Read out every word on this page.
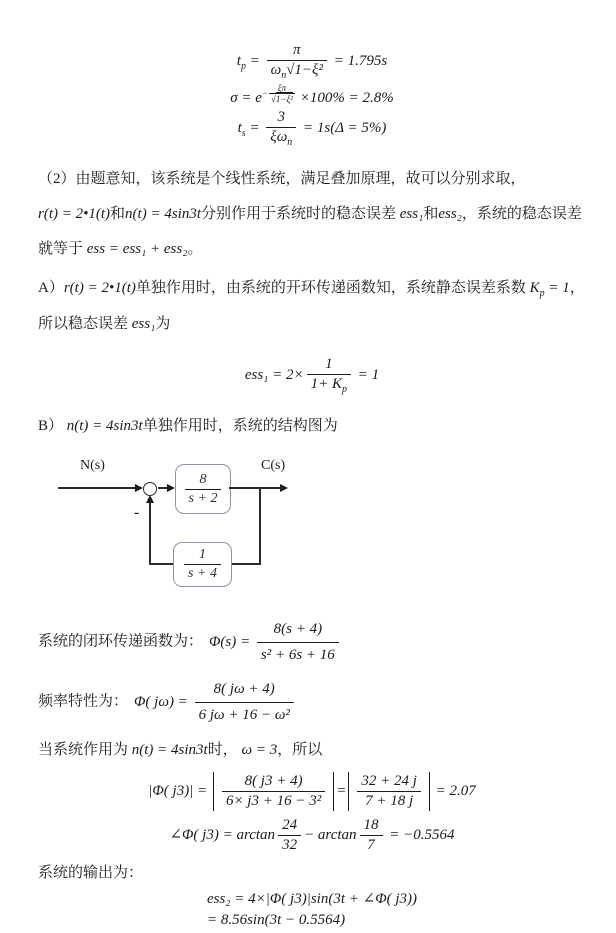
$t_p = \frac{\pi}{\omega_n√1-\xi^2} = 1.795s$
$\sigma = e^{- \frac{\xi\pi}{\text{√1−ξ²}}} \times 100\% = 2.8\%$
$t_s = \frac{3}{\xi\omega_n} = 1s(\Delta = 5\%)$

（2）由题意知，该系统是个线性系统，满足叠加原理，故可以分别求取，
r(t) = 2•1(t)和n(t) = 4sin3t分别作用于系统时的稳态误差 ess₁和ess₂，系统的稳态误差就等于 ess = ess₁ + ess₂。

A）r(t) = 2•1(t)单独作用时，由系统的开环传递函数知，系统静态误差系数 $K_p = 1$，
所以稳态误差 ess₁为

$ess_1 = 2\times \frac{1}{1+ K_p} = 1$

B） n(t) = 4sin3t单独作用时，系统的结构图为

N(s)	C(s)
-
$\frac{8}{s + 2}$
$\frac{1}{s + 4}$

系统的闭环传递函数为： $\Phi(s) = \frac{8(s + 4)}{\text{s² + 6s + 16}}$

频率特性为： Φ( $j\omega) = \frac{8( j\omega + 4)}{\text{6 jω + 16 − ω²}}$

当系统作用为 n(t) = 4sin3t时， ω = 3，所以

|Φ( $j3)| = \frac{8( j3 + 4)}{\text{6× j3 + 16 − 3²}} = \frac{32 + 24 j}{7 + 18 j} = 2.07$
∠Φ( $j3) = \arctan \frac{24}{32} - \arctan \frac{18}{7} = -0.5564$

系统的输出为：

ess₂ = 4×|Φ( j3)|sin(3t + ∠Φ( j3))
= 8.56sin(3t − 0.5564)
